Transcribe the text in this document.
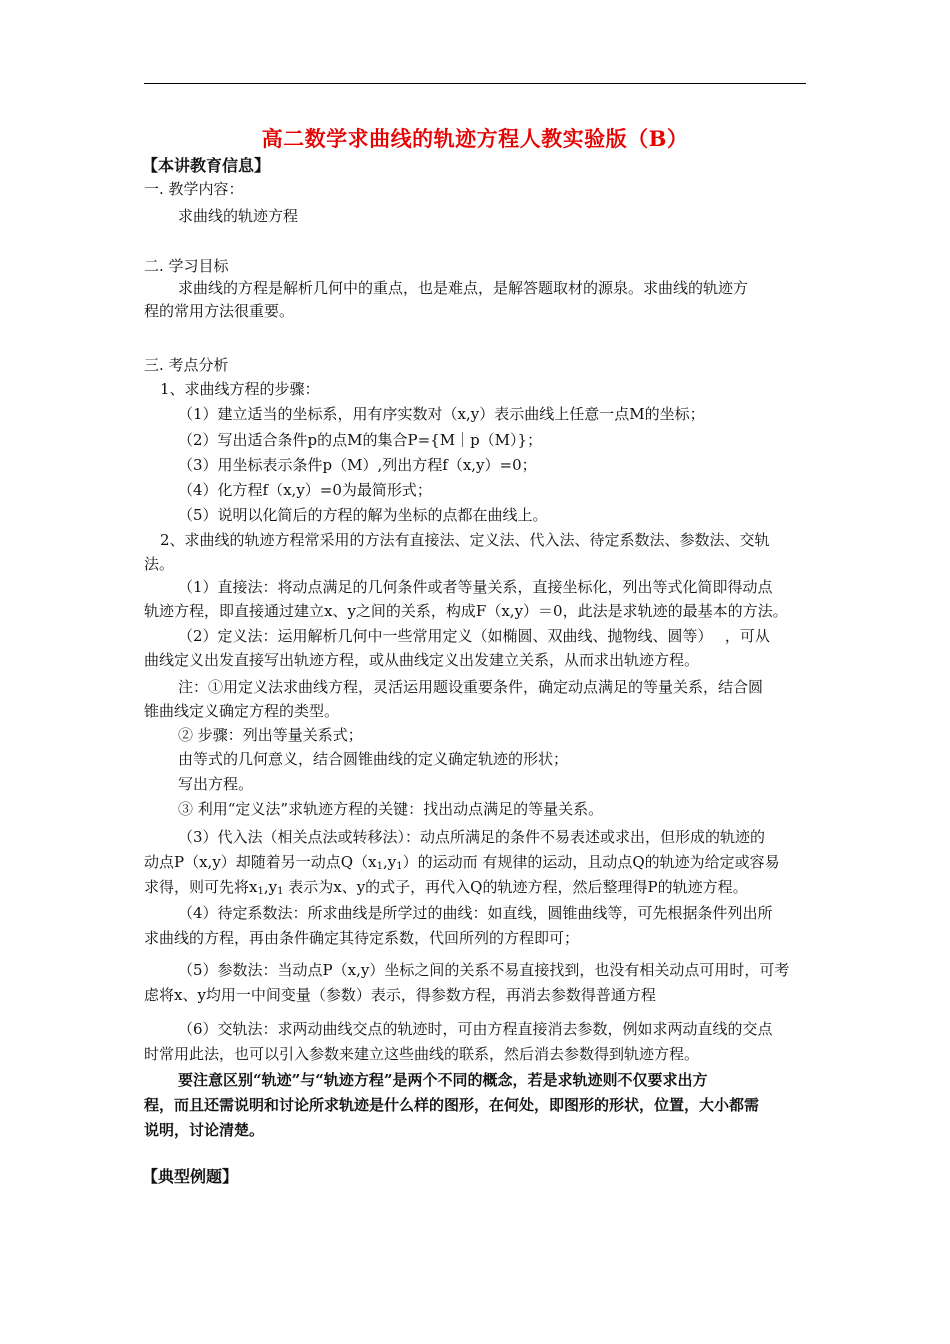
高二数学求曲线的轨迹方程人教实验版（B）
【本讲教育信息】
一. 教学内容：
求曲线的轨迹方程
二. 学习目标
求曲线的方程是解析几何中的重点，也是难点，是解答题取材的源泉。求曲线的轨迹方
程的常用方法很重要。
三. 考点分析
1、求曲线方程的步骤：
（1）建立适当的坐标系，用有序实数对（x,y）表示曲线上任意一点M的坐标；
（2）写出适合条件p的点M的集合P={M｜p（M）}；
（3）用坐标表示条件p（M）,列出方程f（x,y）=0；
（4）化方程f（x,y）=0为最简形式；
（5）说明以化简后的方程的解为坐标的点都在曲线上。
2、求曲线的轨迹方程常采用的方法有直接法、定义法、代入法、待定系数法、参数法、交轨
法。
（1）直接法：将动点满足的几何条件或者等量关系，直接坐标化，列出等式化简即得动点
轨迹方程，即直接通过建立x、y之间的关系，构成F（x,y）＝0，此法是求轨迹的最基本的方法。
（2）定义法：运用解析几何中一些常用定义（如椭圆、双曲线、抛物线、圆等）　 ，可从
曲线定义出发直接写出轨迹方程，或从曲线定义出发建立关系，从而求出轨迹方程。
注：①用定义法求曲线方程，灵活运用题设重要条件，确定动点满足的等量关系，结合圆
锥曲线定义确定方程的类型。
② 步骤：列出等量关系式；
由等式的几何意义，结合圆锥曲线的定义确定轨迹的形状；
写出方程。
③ 利用“定义法”求轨迹方程的关键：找出动点满足的等量关系。
（3）代入法（相关点法或转移法）：动点所满足的条件不易表述或求出，但形成的轨迹的
动点P（x,y）却随着另一动点$Q(x_1,y_1)$的运动而 有规律的运动，且动点Q的轨迹为给定或容易
求得，则可先将$x_1,y_1$ 表示为x、y的式子，再代入Q的轨迹方程，然后整理得P的轨迹方程。
（4）待定系数法：所求曲线是所学过的曲线：如直线，圆锥曲线等，可先根据条件列出所
求曲线的方程，再由条件确定其待定系数，代回所列的方程即可；
（5）参数法：当动点P（x,y）坐标之间的关系不易直接找到，也没有相关动点可用时，可考
虑将x、y均用一中间变量（参数）表示，得参数方程，再消去参数得普通方程
（6）交轨法：求两动曲线交点的轨迹时，可由方程直接消去参数，例如求两动直线的交点
时常用此法，也可以引入参数来建立这些曲线的联系，然后消去参数得到轨迹方程。
要注意区别“轨迹”与“轨迹方程”是两个不同的概念，若是求轨迹则不仅要求出方
程，而且还需说明和讨论所求轨迹是什么样的图形，在何处，即图形的形状，位置，大小都需
说明，讨论清楚。
【典型例题】
